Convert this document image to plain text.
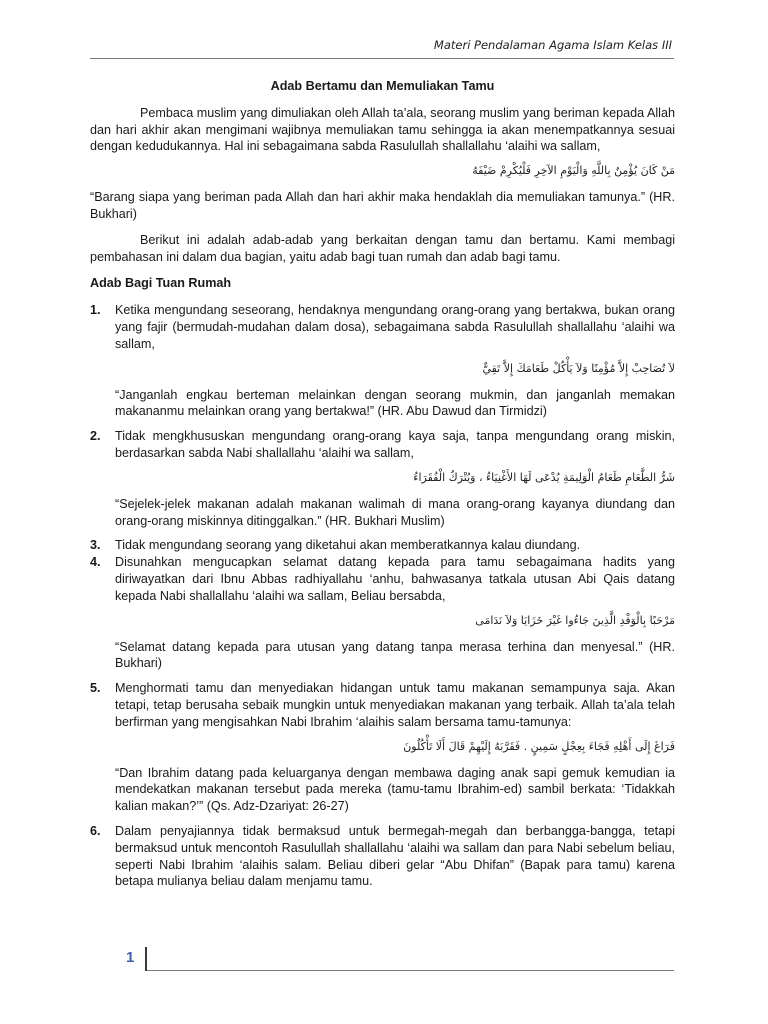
Materi Pendalaman Agama Islam Kelas III
Adab Bertamu dan Memuliakan Tamu

Pembaca muslim yang dimuliakan oleh Allah ta’ala, seorang muslim yang beriman kepada Allah dan hari akhir akan mengimani wajibnya memuliakan tamu sehingga ia akan menempatkannya sesuai dengan kedudukannya. Hal ini sebagaimana sabda Rasulullah shallallahu ‘alaihi wa sallam,

مَنْ كَانَ يُؤْمِنُ بِاللَّهِ وَالْيَوْمِ الآخِرِ فَلْيُكْرِمْ ضَيْفَهُ

“Barang siapa yang beriman pada Allah dan hari akhir maka hendaklah dia memuliakan tamunya.” (HR. Bukhari)

Berikut ini adalah adab-adab yang berkaitan dengan tamu dan bertamu. Kami membagi pembahasan ini dalam dua bagian, yaitu adab bagi tuan rumah dan adab bagi tamu.

Adab Bagi Tuan Rumah
1. Ketika mengundang seseorang, hendaknya mengundang orang-orang yang bertakwa, bukan orang yang fajir (bermudah-mudahan dalam dosa), sebagaimana sabda Rasulullah shallallahu ‘alaihi wa sallam,

لاَ تُصَاحِبْ إِلاَّ مُؤْمِنًا وَلاَ يَأْكُلْ طَعَامَكَ إِلاَّ تَقِيٌّ

“Janganlah engkau berteman melainkan dengan seorang mukmin, dan janganlah memakan makananmu melainkan orang yang bertakwa!” (HR. Abu Dawud dan Tirmidzi)

2. Tidak mengkhususkan mengundang orang-orang kaya saja, tanpa mengundang orang miskin, berdasarkan sabda Nabi shallallahu ‘alaihi wa sallam,

شَرُّ الطَّعَامِ طَعَامُ الْوَلِيمَةِ يُدْعَى لَهَا الأَغْنِيَاءُ ، وَيُتْرَكُ الْفُقَرَاءُ

“Sejelek-jelek makanan adalah makanan walimah di mana orang-orang kayanya diundang dan orang-orang miskinnya ditinggalkan.” (HR. Bukhari Muslim)

3. Tidak mengundang seorang yang diketahui akan memberatkannya kalau diundang.

4. Disunahkan mengucapkan selamat datang kepada para tamu sebagaimana hadits yang diriwayatkan dari Ibnu Abbas radhiyallahu ‘anhu, bahwasanya tatkala utusan Abi Qais datang kepada Nabi shallallahu ‘alaihi wa sallam, Beliau bersabda,

مَرْحَبًا بِالْوَفْدِ الَّذِينَ جَاءُوا غَيْرَ خَزَايَا وَلاَ نَدَامَى

“Selamat datang kepada para utusan yang datang tanpa merasa terhina dan menyesal.” (HR. Bukhari)

5. Menghormati tamu dan menyediakan hidangan untuk tamu makanan semampunya saja. Akan tetapi, tetap berusaha sebaik mungkin untuk menyediakan makanan yang terbaik. Allah ta’ala telah berfirman yang mengisahkan Nabi Ibrahim ‘alaihis salam bersama tamu-tamunya:

فَرَاغَ إِلَى أَهْلِهِ فَجَاءَ بِعِجْلٍ سَمِينٍ . فَقَرَّبَهُ إِلَيْهِمْ قَالَ أَلَا تَأْكُلُونَ

“Dan Ibrahim datang pada keluarganya dengan membawa daging anak sapi gemuk kemudian ia mendekatkan makanan tersebut pada mereka (tamu-tamu Ibrahim-ed) sambil berkata: ‘Tidakkah kalian makan?’” (Qs. Adz-Dzariyat: 26-27)

6. Dalam penyajiannya tidak bermaksud untuk bermegah-megah dan berbangga-bangga, tetapi bermaksud untuk mencontoh Rasulullah shallallahu ‘alaihi wa sallam dan para Nabi sebelum beliau, seperti Nabi Ibrahim ‘alaihis salam. Beliau diberi gelar “Abu Dhifan” (Bapak para tamu) karena betapa mulianya beliau dalam menjamu tamu.

1
